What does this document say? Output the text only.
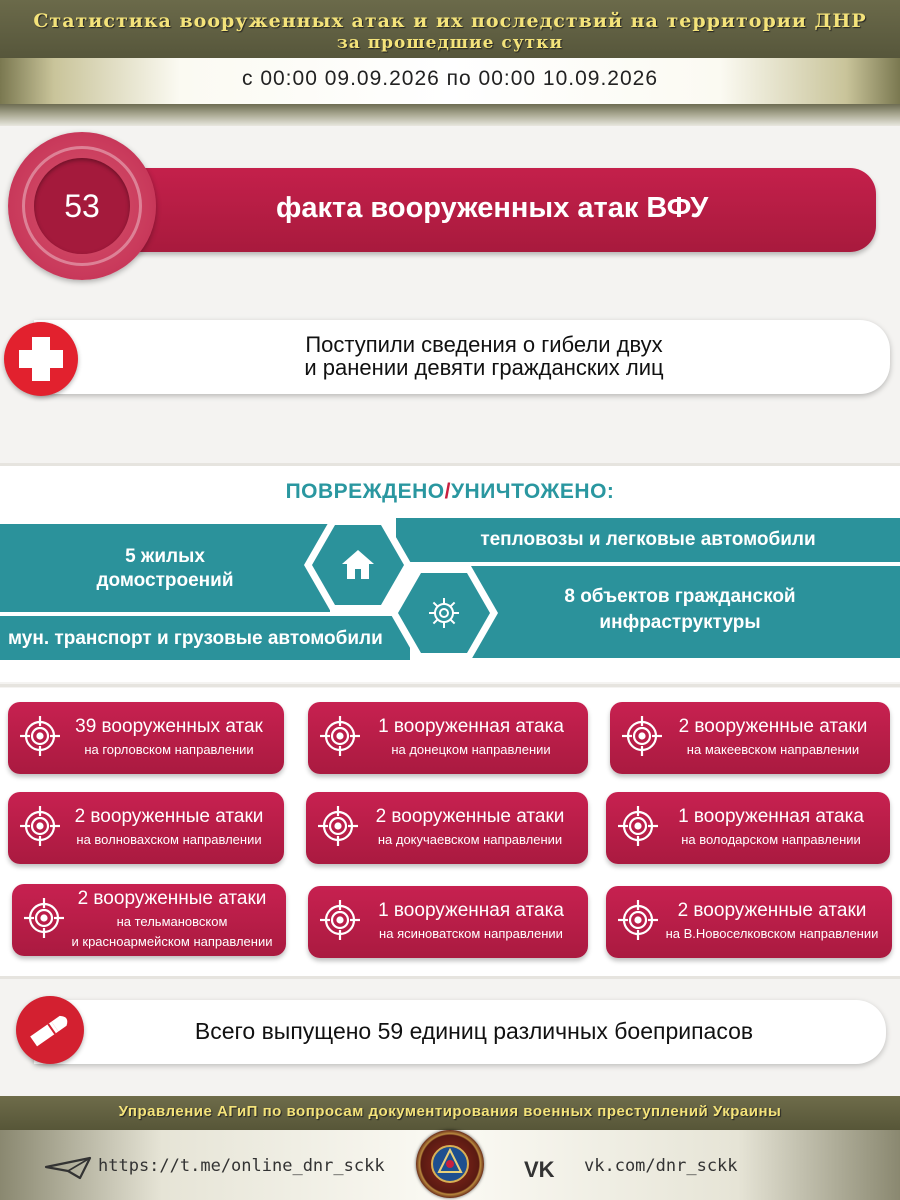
Статистика вооруженных атак и их последствий на территории ДНР
за прошедшие сутки
с 00:00 09.09.2026 по 00:00 10.09.2026
факта вооруженных атак ВФУ
53
Поступили сведения о гибели двух
и ранении девяти гражданских лиц
ПОВРЕЖДЕНО/УНИЧТОЖЕНО:
5 жилых
домостроений
мун. транспорт и грузовые автомобили
тепловозы и легковые автомобили
8 объектов гражданской
инфраструктуры
39 вооруженных атак
на горловском направлении
1 вооруженная атака
на донецком направлении
2 вооруженные атаки
на макеевском направлении
2 вооруженные атаки
на волновахском направлении
2 вооруженные атаки
на докучаевском направлении
1 вооруженная атака
на володарском направлении
2 вооруженные атаки
на тельмановском
и красноармейском направлении
1 вооруженная атака
на ясиноватском направлении
2 вооруженные атаки
на В.Новоселковском направлении
Всего выпущено 59 единиц различных боеприпасов
Управление АГиП по вопросам документирования военных преступлений Украины
https://t.me/online_dnr_sckk	VK vk.com/dnr_sckk
